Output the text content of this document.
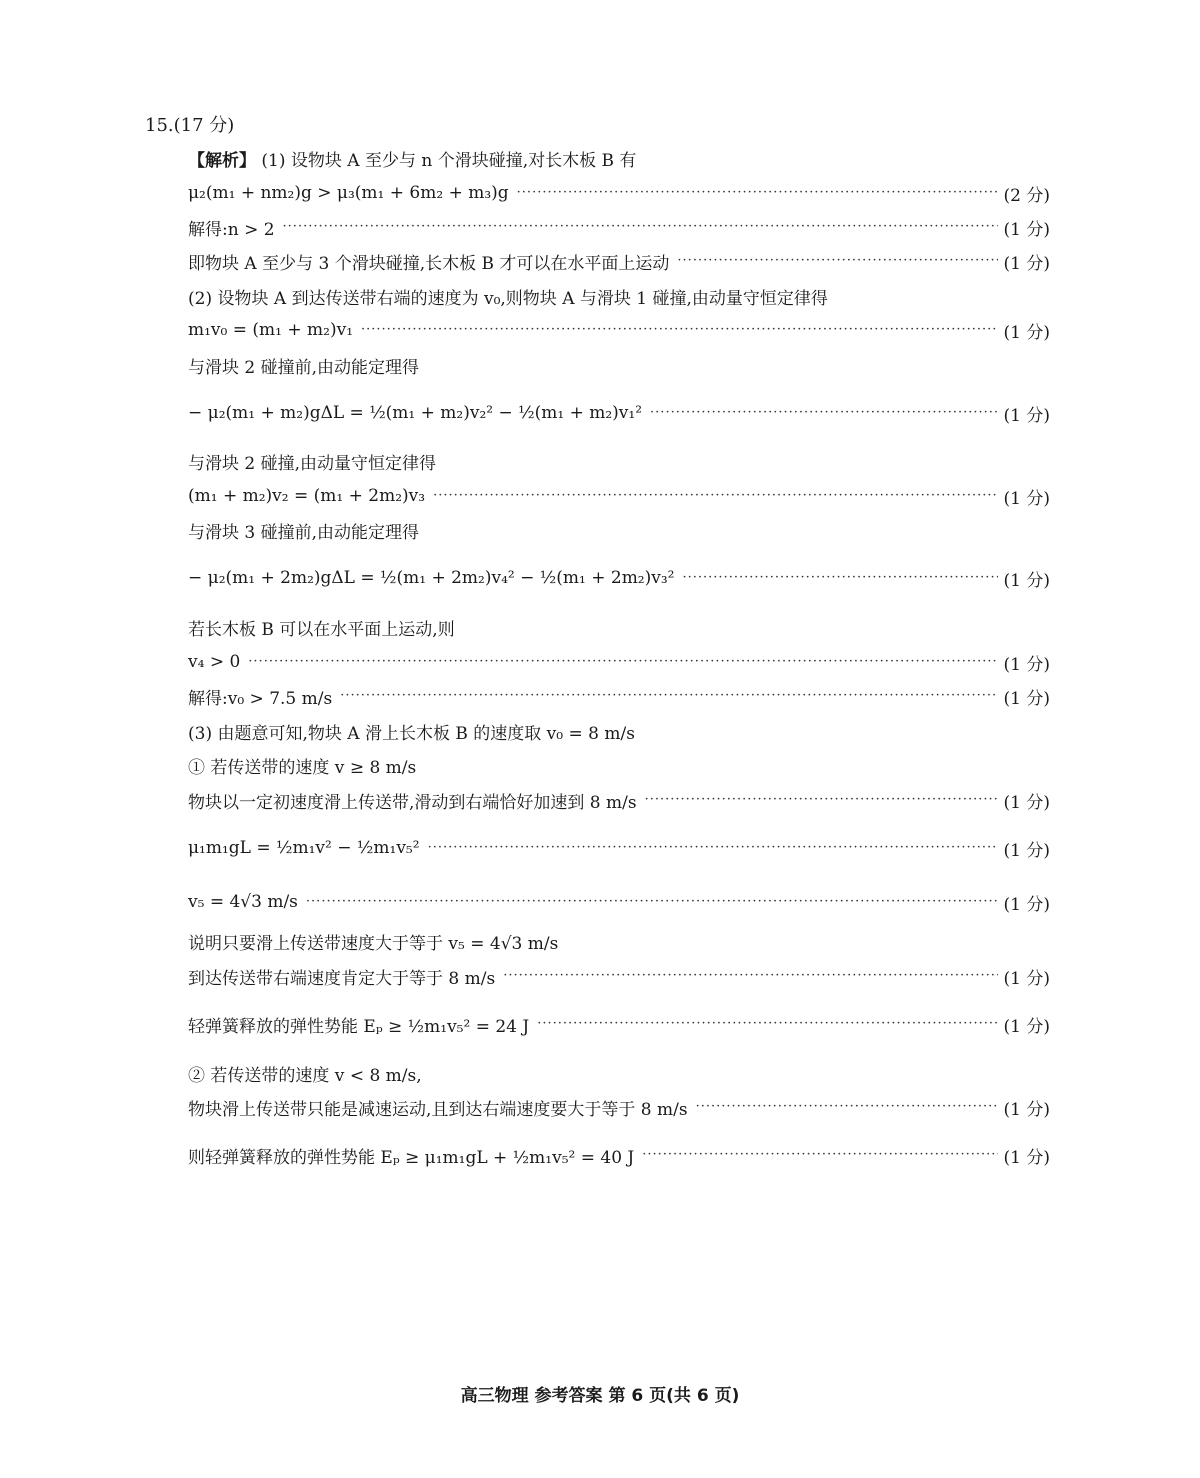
15.(17 分)
【解析】 (1) 设物块 A 至少与 n 个滑块碰撞,对长木板 B 有
μ₂(m₁ + nm₂)g > μ₃(m₁ + 6m₂ + m₃)g ·····	(2 分)
解得:n > 2 ·····	(1 分)
即物块 A 至少与 3 个滑块碰撞,长木板 B 才可以在水平面上运动 ·····	(1 分)
(2) 设物块 A 到达传送带右端的速度为 v₀,则物块 A 与滑块 1 碰撞,由动量守恒定律得
m₁v₀ = (m₁ + m₂)v₁ ·····	(1 分)
与滑块 2 碰撞前,由动能定理得
− μ₂(m₁ + m₂)gΔL = ½(m₁ + m₂)v₂² − ½(m₁ + m₂)v₁² ·····	(1 分)
与滑块 2 碰撞,由动量守恒定律得
(m₁ + m₂)v₂ = (m₁ + 2m₂)v₃ ·····	(1 分)
与滑块 3 碰撞前,由动能定理得
− μ₂(m₁ + 2m₂)gΔL = ½(m₁ + 2m₂)v₄² − ½(m₁ + 2m₂)v₃² ·····	(1 分)
若长木板 B 可以在水平面上运动,则
v₄ > 0 ·····	(1 分)
解得:v₀ > 7.5 m/s ·····	(1 分)
(3) 由题意可知,物块 A 滑上长木板 B 的速度取 v₀ = 8 m/s
① 若传送带的速度 v ≥ 8 m/s
物块以一定初速度滑上传送带,滑动到右端恰好加速到 8 m/s ·····	(1 分)
μ₁m₁gL = ½m₁v² − ½m₁v₅² ·····	(1 分)
v₅ = 4√3 m/s ·····	(1 分)
说明只要滑上传送带速度大于等于 v₅ = 4√3 m/s
到达传送带右端速度肯定大于等于 8 m/s ·····	(1 分)
轻弹簧释放的弹性势能 Eₚ ≥ ½m₁v₅² = 24 J ·····	(1 分)
② 若传送带的速度 v < 8 m/s,
物块滑上传送带只能是减速运动,且到达右端速度要大于等于 8 m/s ·····	(1 分)
则轻弹簧释放的弹性势能 Eₚ ≥ μ₁m₁gL + ½m₁v₅² = 40 J ·····	(1 分)
高三物理 参考答案 第 6 页(共 6 页)
